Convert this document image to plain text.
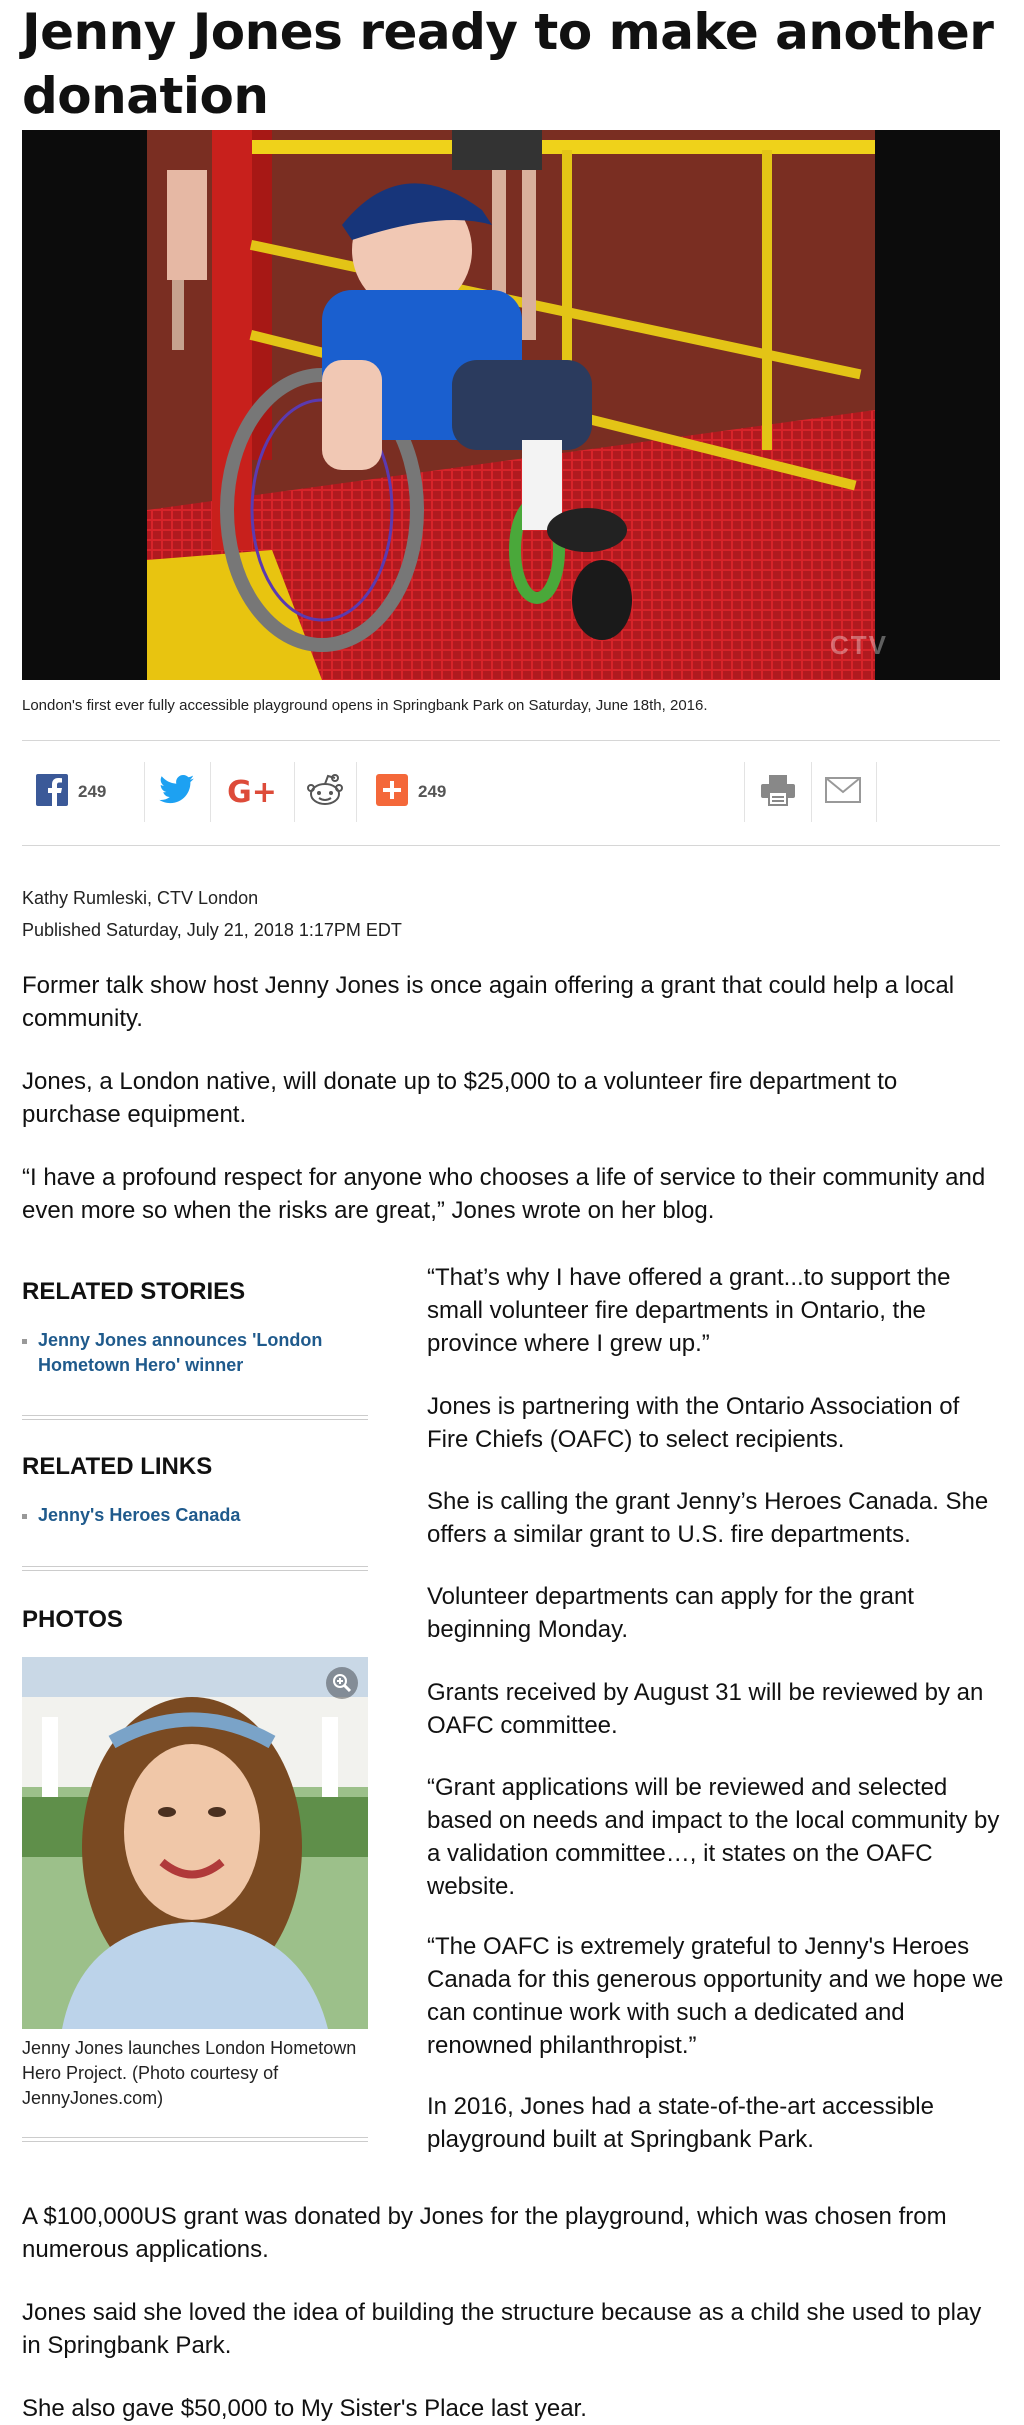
Jenny Jones ready to make another donation
CTV
London's first ever fully accessible playground opens in Springbank Park on Saturday, June 18th, 2016.
249	G+	249
Kathy Rumleski, CTV London
Published Saturday, July 21, 2018 1:17PM EDT
Former talk show host Jenny Jones is once again offering a grant that could help a local community.
Jones, a London native, will donate up to $25,000 to a volunteer fire department to purchase equipment.
“I have a profound respect for anyone who chooses a life of service to their community and even more so when the risks are great,” Jones wrote on her blog.
RELATED STORIES
Jenny Jones announces 'London Hometown Hero' winner
RELATED LINKS
Jenny's Heroes Canada
PHOTOS
Jenny Jones launches London Hometown Hero Project. (Photo courtesy of JennyJones.com)
“That’s why I have offered a grant...to support the small volunteer fire departments in Ontario, the province where I grew up.”
Jones is partnering with the Ontario Association of Fire Chiefs (OAFC) to select recipients.
She is calling the grant Jenny’s Heroes Canada. She offers a similar grant to U.S. fire departments.
Volunteer departments can apply for the grant beginning Monday.
Grants received by August 31 will be reviewed by an OAFC committee.
“Grant applications will be reviewed and selected based on needs and impact to the local community by a validation committee…, it states on the OAFC website.
“The OAFC is extremely grateful to Jenny's Heroes Canada for this generous opportunity and we hope we can continue work with such a dedicated and renowned philanthropist.”
In 2016, Jones had a state-of-the-art accessible playground built at Springbank Park.
A $100,000US grant was donated by Jones for the playground, which was chosen from numerous applications.
Jones said she loved the idea of building the structure because as a child she used to play in Springbank Park.
She also gave $50,000 to My Sister's Place last year.
